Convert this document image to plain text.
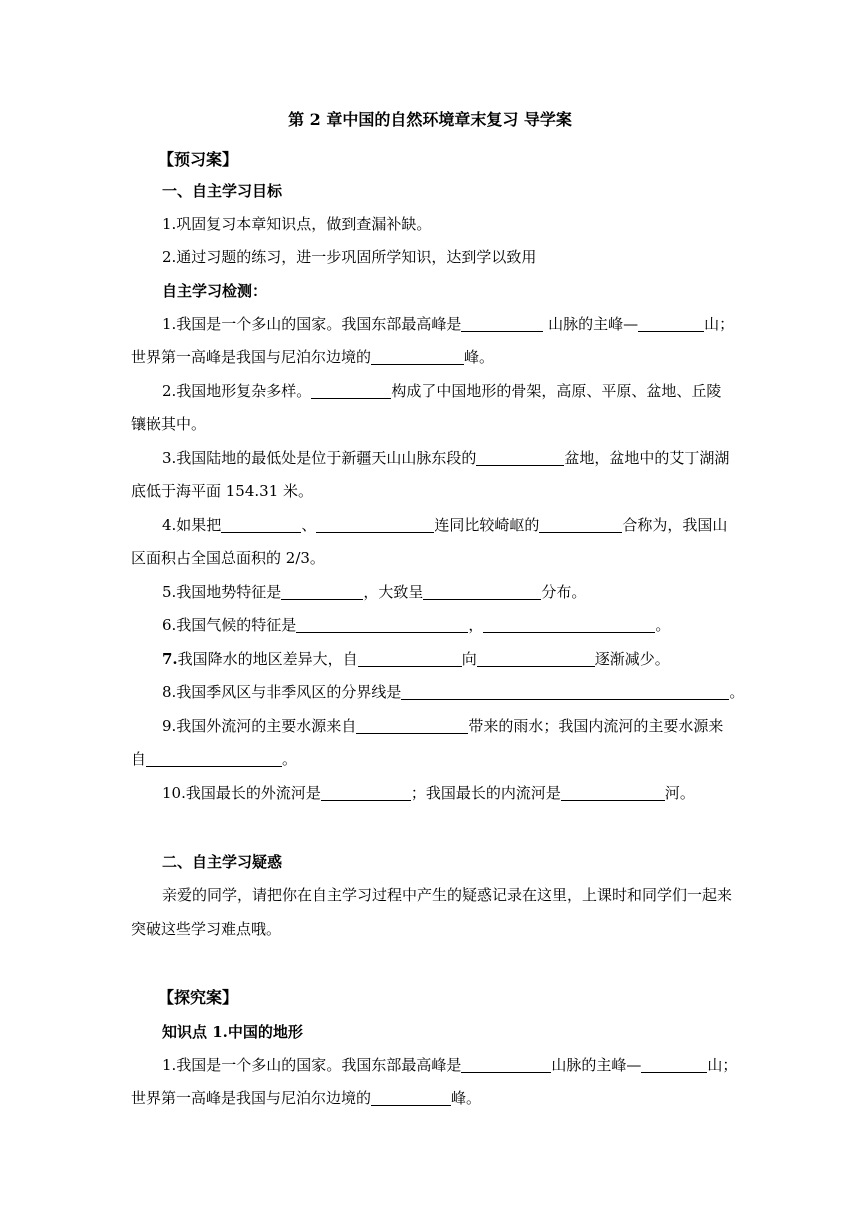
第 2 章中国的自然环境章末复习 导学案
【预习案】
一、自主学习目标
1.巩固复习本章知识点，做到查漏补缺。
2.通过习题的练习，进一步巩固所学知识，达到学以致用
自主学习检测：
1.我国是一个多山的国家。我国东部最高峰是	山脉的主峰—	山；
世界第一高峰是我国与尼泊尔边境的	峰。
2.我国地形复杂多样。	构成了中国地形的骨架，高原、平原、盆地、丘陵
镶嵌其中。
3.我国陆地的最低处是位于新疆天山山脉东段的	盆地，盆地中的艾丁湖湖
底低于海平面 154.31 米。
4.如果把	、	连同比较崎岖的	合称为，我国山
区面积占全国总面积的 2/3。
5.我国地势特征是	，大致呈	分布。
6.我国气候的特征是	，	。
7.我国降水的地区差异大，自	向	逐渐减少。
8.我国季风区与非季风区的分界线是	。
9.我国外流河的主要水源来自	带来的雨水；我国内流河的主要水源来
自	。
10.我国最长的外流河是	；我国最长的内流河是	河。
二、自主学习疑惑
亲爱的同学，请把你在自主学习过程中产生的疑惑记录在这里，上课时和同学们一起来
突破这些学习难点哦。
【探究案】
知识点 1.中国的地形
1.我国是一个多山的国家。我国东部最高峰是	山脉的主峰—	山；
世界第一高峰是我国与尼泊尔边境的	峰。
